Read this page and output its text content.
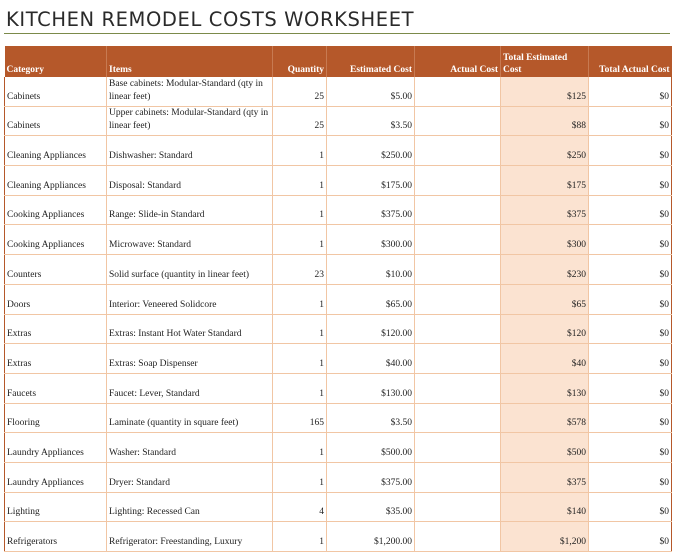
KITCHEN REMODEL COSTS WORKSHEET
Category	Items	Quantity	Estimated Cost	Actual Cost	Total Estimated Cost	Total Actual Cost
Cabinets	Base cabinets: Modular-Standard (qty in linear feet)	25	$5.00		$125	$0
Cabinets	Upper cabinets: Modular-Standard (qty in linear feet)	25	$3.50		$88	$0
Cleaning Appliances	Dishwasher: Standard	1	$250.00		$250	$0
Cleaning Appliances	Disposal: Standard	1	$175.00		$175	$0
Cooking Appliances	Range: Slide-in Standard	1	$375.00		$375	$0
Cooking Appliances	Microwave: Standard	1	$300.00		$300	$0
Counters	Solid surface (quantity in linear feet)	23	$10.00		$230	$0
Doors	Interior: Veneered Solidcore	1	$65.00		$65	$0
Extras	Extras: Instant Hot Water Standard	1	$120.00		$120	$0
Extras	Extras: Soap Dispenser	1	$40.00		$40	$0
Faucets	Faucet: Lever, Standard	1	$130.00		$130	$0
Flooring	Laminate (quantity in square feet)	165	$3.50		$578	$0
Laundry Appliances	Washer: Standard	1	$500.00		$500	$0
Laundry Appliances	Dryer: Standard	1	$375.00		$375	$0
Lighting	Lighting: Recessed Can	4	$35.00		$140	$0
Refrigerators	Refrigerator: Freestanding, Luxury	1	$1,200.00		$1,200	$0
